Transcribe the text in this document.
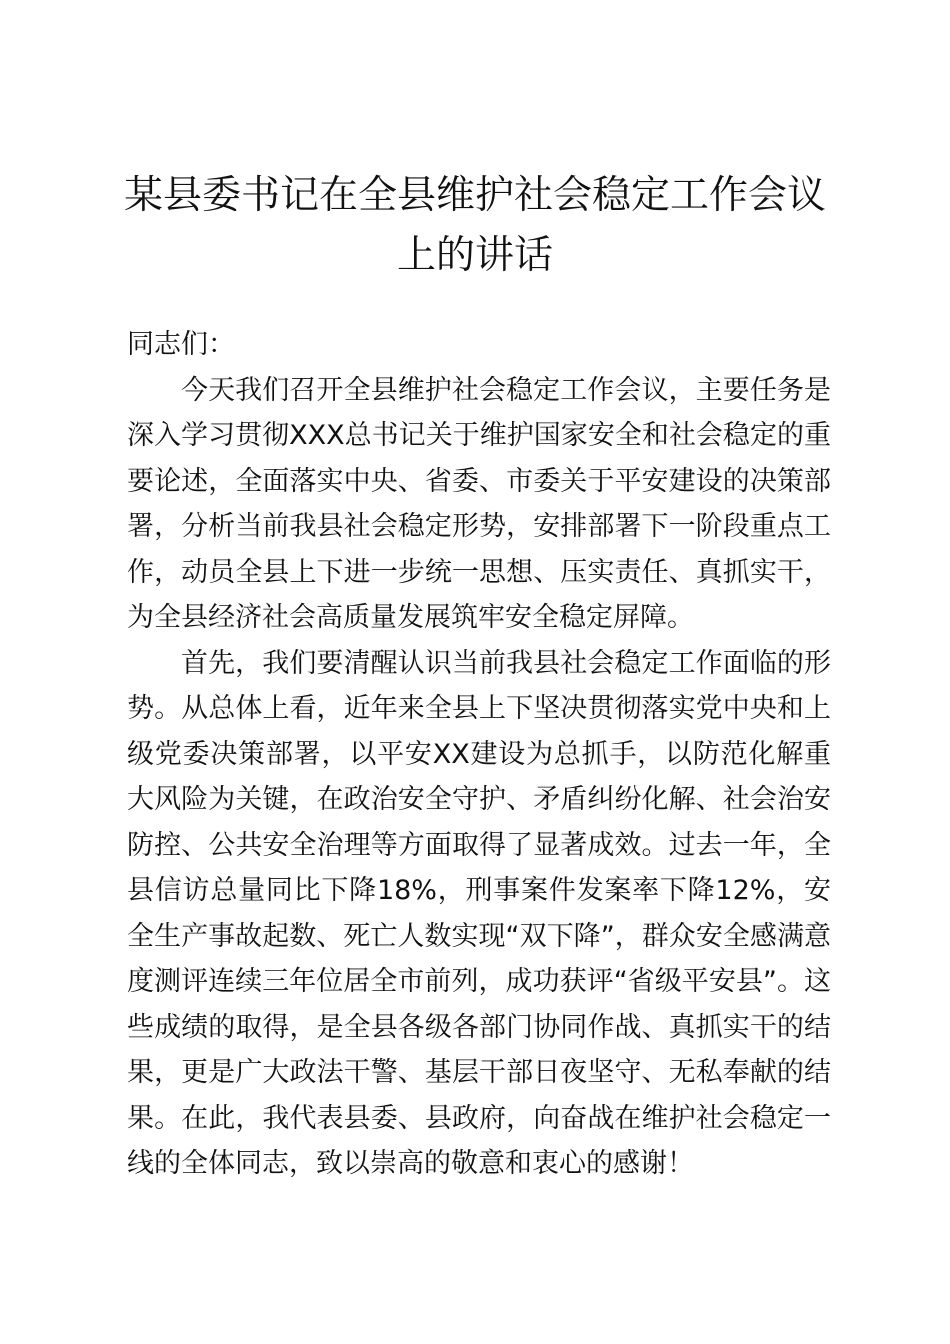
某县委书记在全县维护社会稳定工作会议上的讲话

同志们：

今天我们召开全县维护社会稳定工作会议，主要任务是深入学习贯彻XXX总书记关于维护国家安全和社会稳定的重要论述，全面落实中央、省委、市委关于平安建设的决策部署，分析当前我县社会稳定形势，安排部署下一阶段重点工作，动员全县上下进一步统一思想、压实责任、真抓实干，为全县经济社会高质量发展筑牢安全稳定屏障。

首先，我们要清醒认识当前我县社会稳定工作面临的形势。从总体上看，近年来全县上下坚决贯彻落实党中央和上级党委决策部署，以平安XX建设为总抓手，以防范化解重大风险为关键，在政治安全守护、矛盾纠纷化解、社会治安防控、公共安全治理等方面取得了显著成效。过去一年，全县信访总量同比下降18%，刑事案件发案率下降12%，安全生产事故起数、死亡人数实现“双下降”，群众安全感满意度测评连续三年位居全市前列，成功获评“省级平安县”。这些成绩的取得，是全县各级各部门协同作战、真抓实干的结果，更是广大政法干警、基层干部日夜坚守、无私奉献的结果。在此，我代表县委、县政府，向奋战在维护社会稳定一线的全体同志，致以崇高的敬意和衷心的感谢！
